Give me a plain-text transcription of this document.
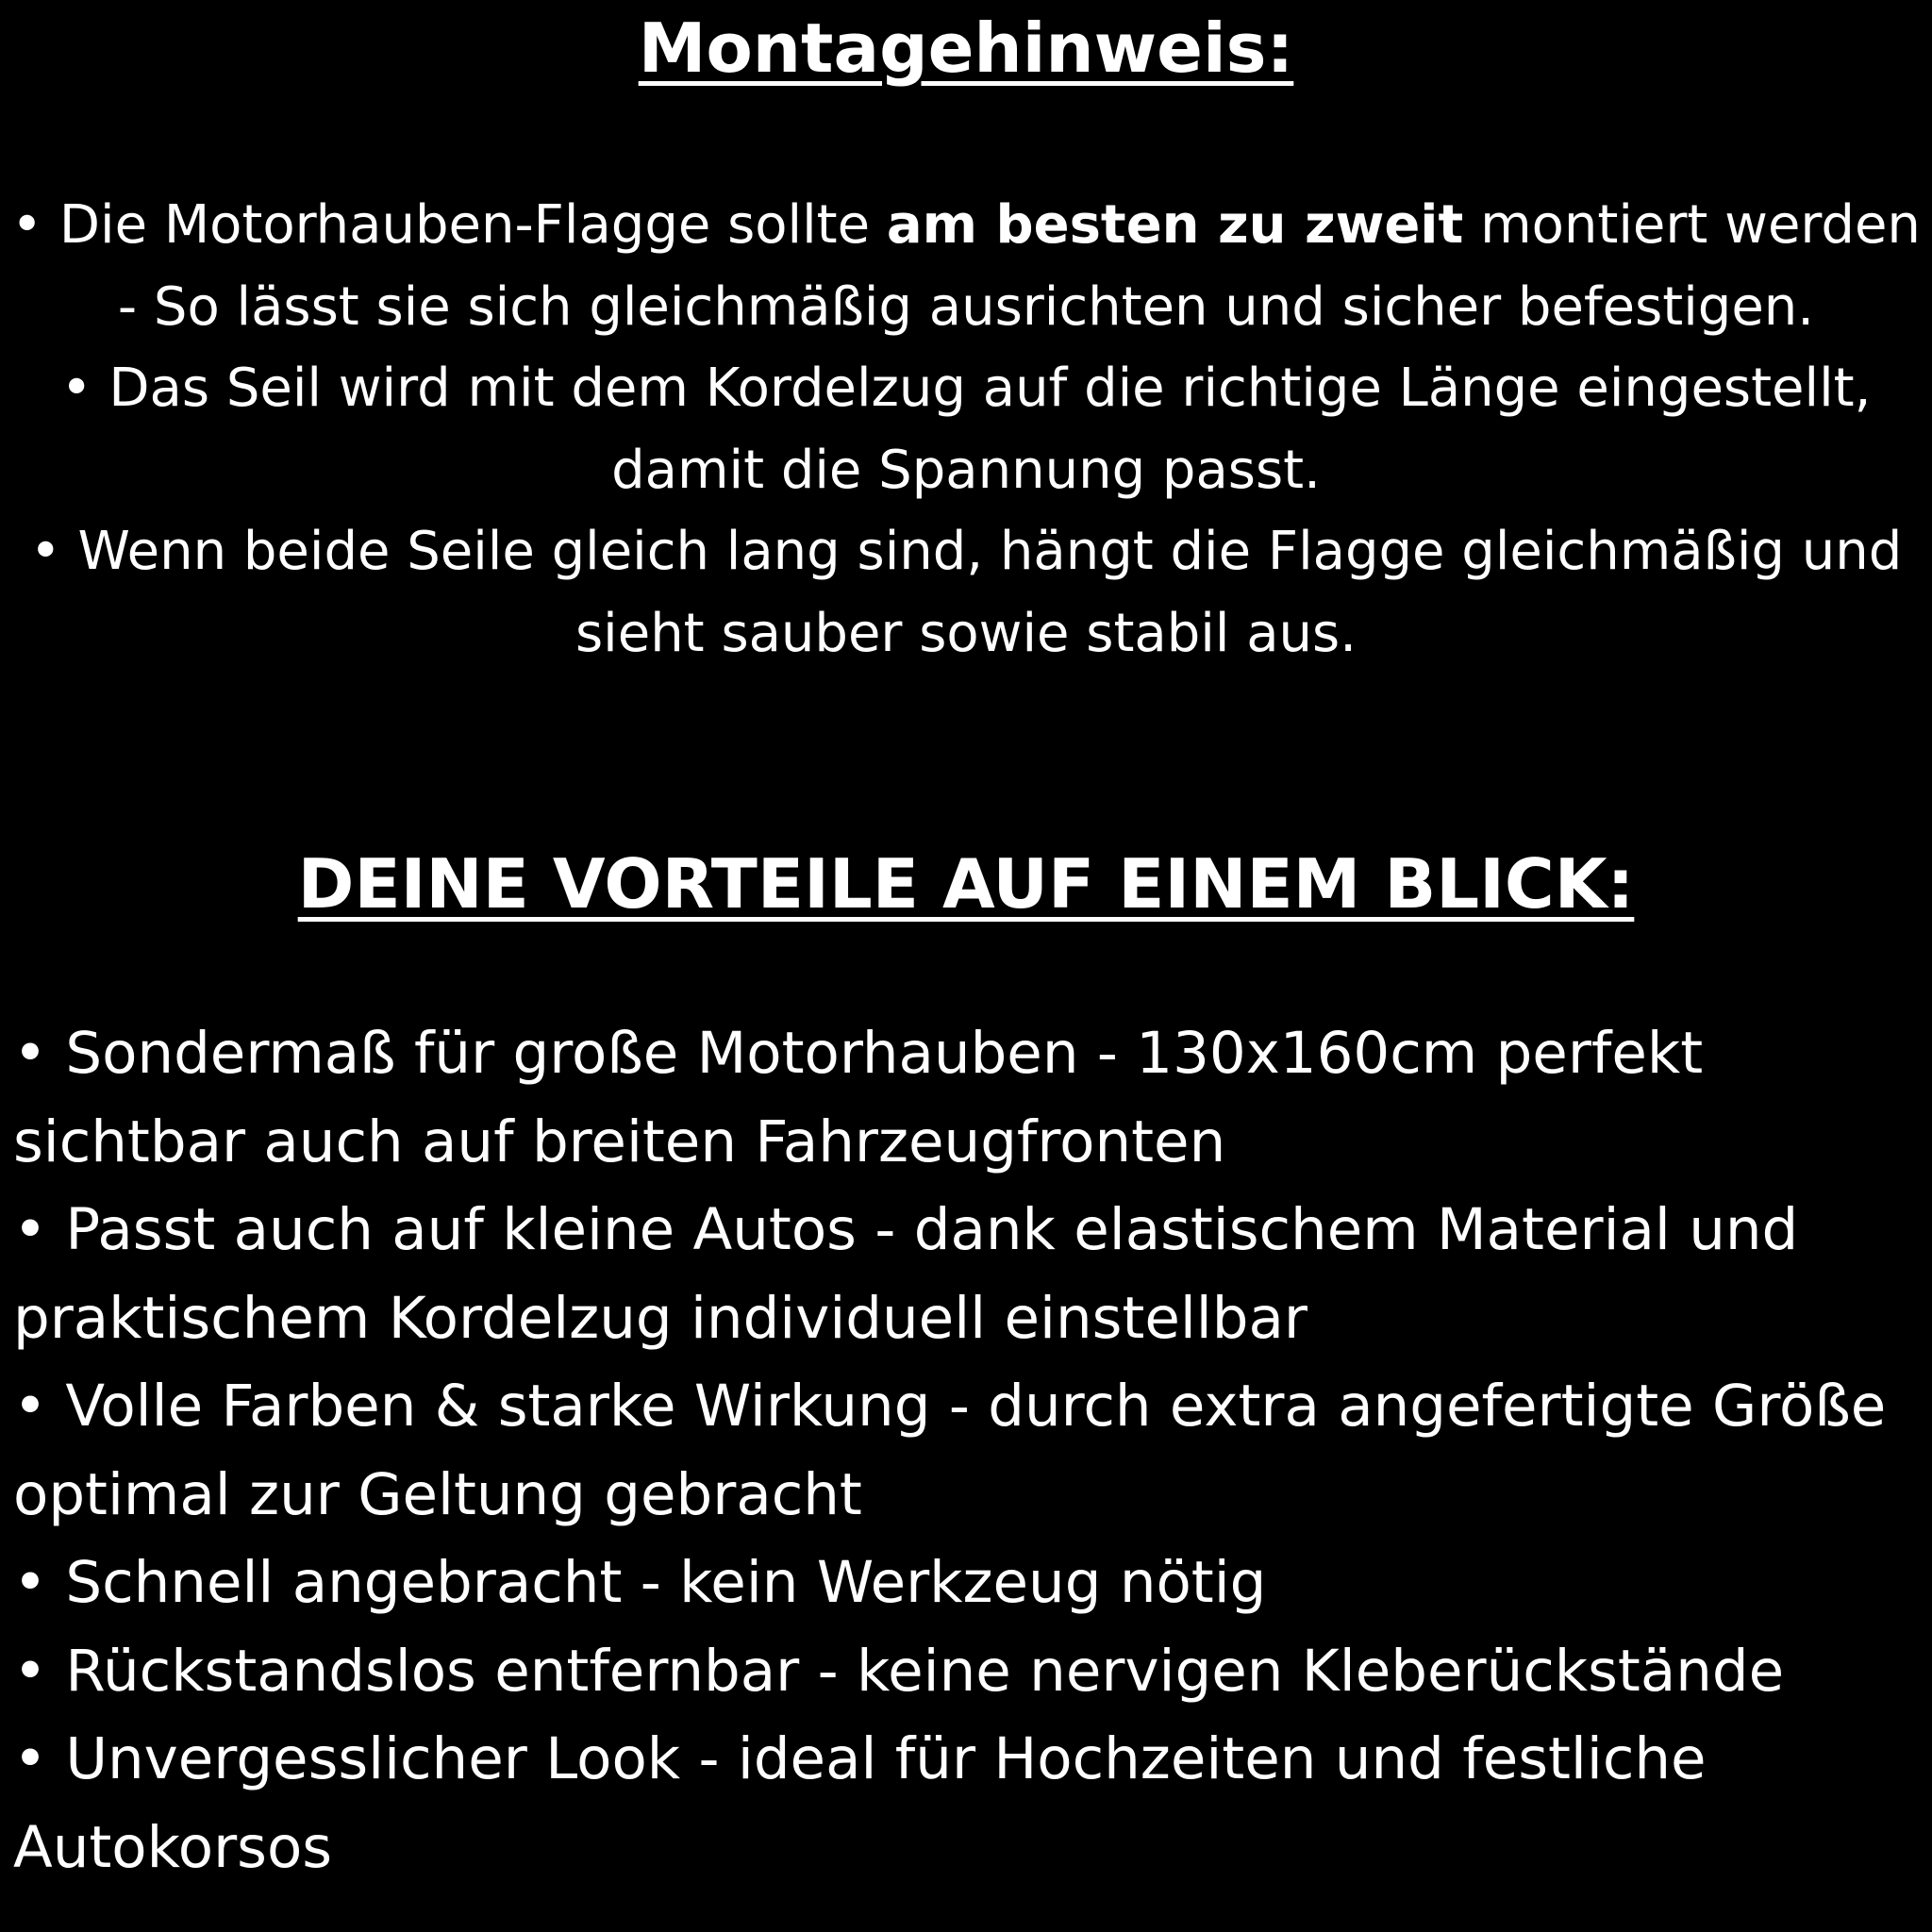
Montagehinweis:

• Die Motorhauben-Flagge sollte am besten zu zweit montiert werden - So lässt sie sich gleichmäßig ausrichten und sicher befestigen.

• Das Seil wird mit dem Kordelzug auf die richtige Länge eingestellt, damit die Spannung passt.

• Wenn beide Seile gleich lang sind, hängt die Flagge gleichmäßig und sieht sauber sowie stabil aus.

DEINE VORTEILE AUF EINEM BLICK:

• Sondermaß für große Motorhauben - 130x160cm perfekt sichtbar auch auf breiten Fahrzeugfronten

• Passt auch auf kleine Autos - dank elastischem Material und praktischem Kordelzug individuell einstellbar

• Volle Farben & starke Wirkung - durch extra angefertigte Größe optimal zur Geltung gebracht

• Schnell angebracht - kein Werkzeug nötig

• Rückstandslos entfernbar - keine nervigen Kleberückstände

• Unvergesslicher Look - ideal für Hochzeiten und festliche Autokorsos
